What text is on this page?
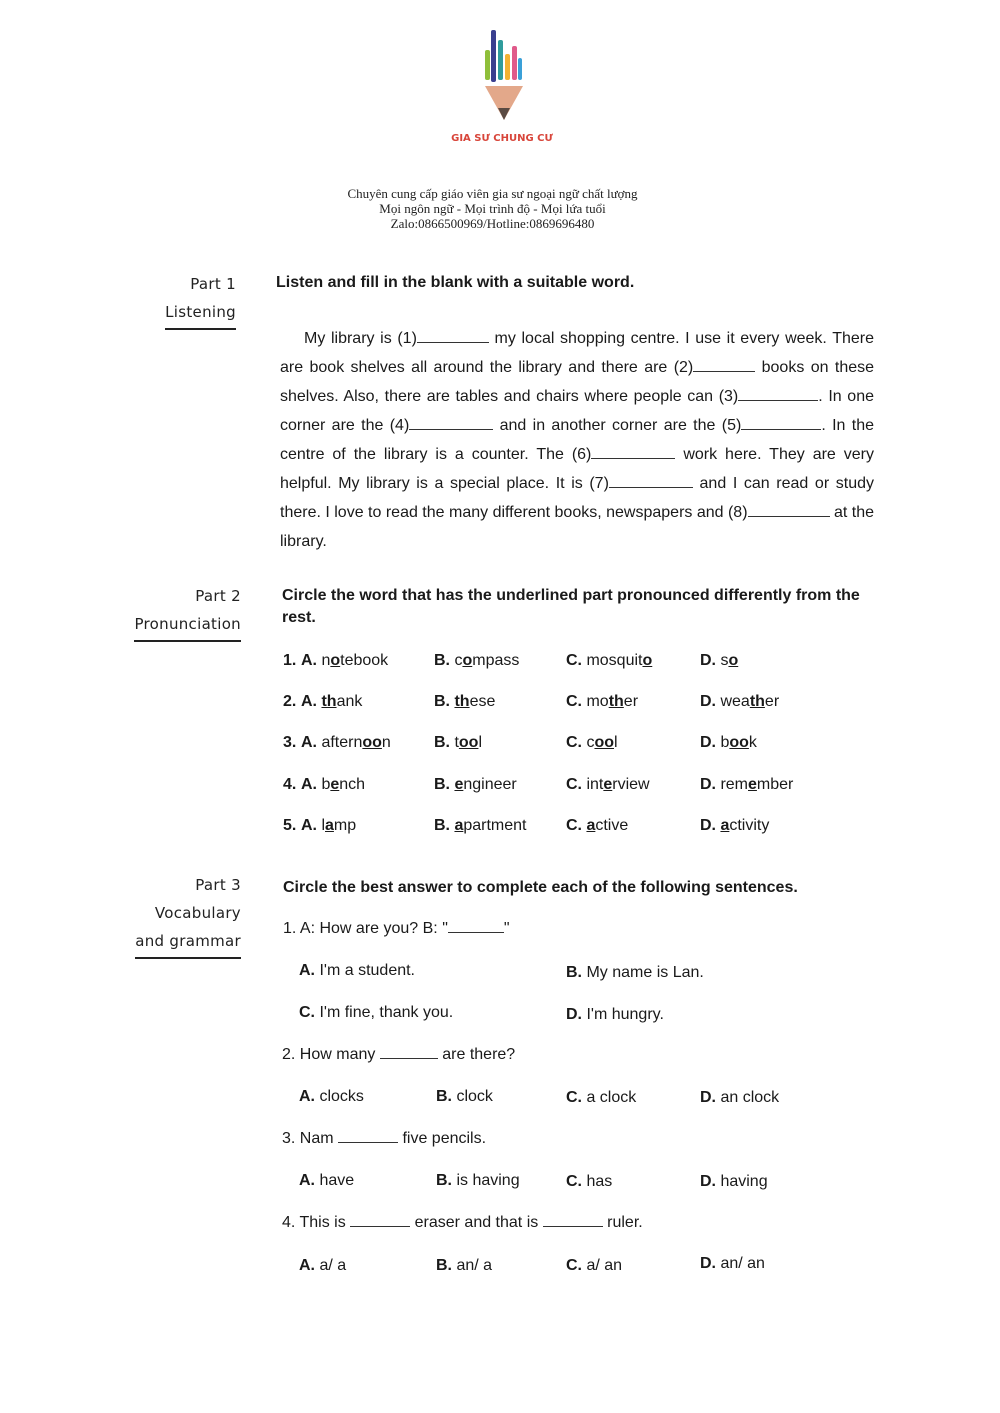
GIA SƯ CHUNG CƯ
Chuyên cung cấp giáo viên gia sư ngoại ngữ chất lượng
Mọi ngôn ngữ - Mọi trình độ - Mọi lứa tuổi
Zalo:0866500969/Hotline:0869696480
Part 1
Listening
Listen and fill in the blank with a suitable word.

My library is (1)	my local shopping centre. I use it every week. There are book shelves all around the library and there are (2)	books on these shelves. Also, there are tables and chairs where people can (3)	. In one corner are the (4)	and in another corner are the (5)	. In the centre of the library is a counter. The (6)	work here. They are very helpful. My library is a special place. It is (7)	and I can read or study there. I love to read the many different books, newspapers and (8)	at the library.

Part 2
Pronunciation
Circle the word that has the underlined part pronounced differently from the rest.
1. A. notebook	B. compass	C. mosquito	D. so
2. A. thank	B. these	C. mother	D. weather
3. A. afternoon	B. tool	C. cool	D. book
4. A. bench	B. engineer	C. interview	D. remember
5. A. lamp	B. apartment C. active	D. activity
Part 3
Vocabulary
and grammar
Circle the best answer to complete each of the following sentences.
1. A: How are you? B: "	"
A. I'm a student.	B. My name is Lan.
C. I'm fine, thank you.	D. I'm hungry.
2. How many	are there?
A. clocks	B. clock	C. a clock	D. an clock
3. Nam	five pencils.
A. have	B. is having	C. has	D. having
4. This is	eraser and that is	ruler.
A. a/ a	B. an/ a	C. a/ an	D. an/ an
